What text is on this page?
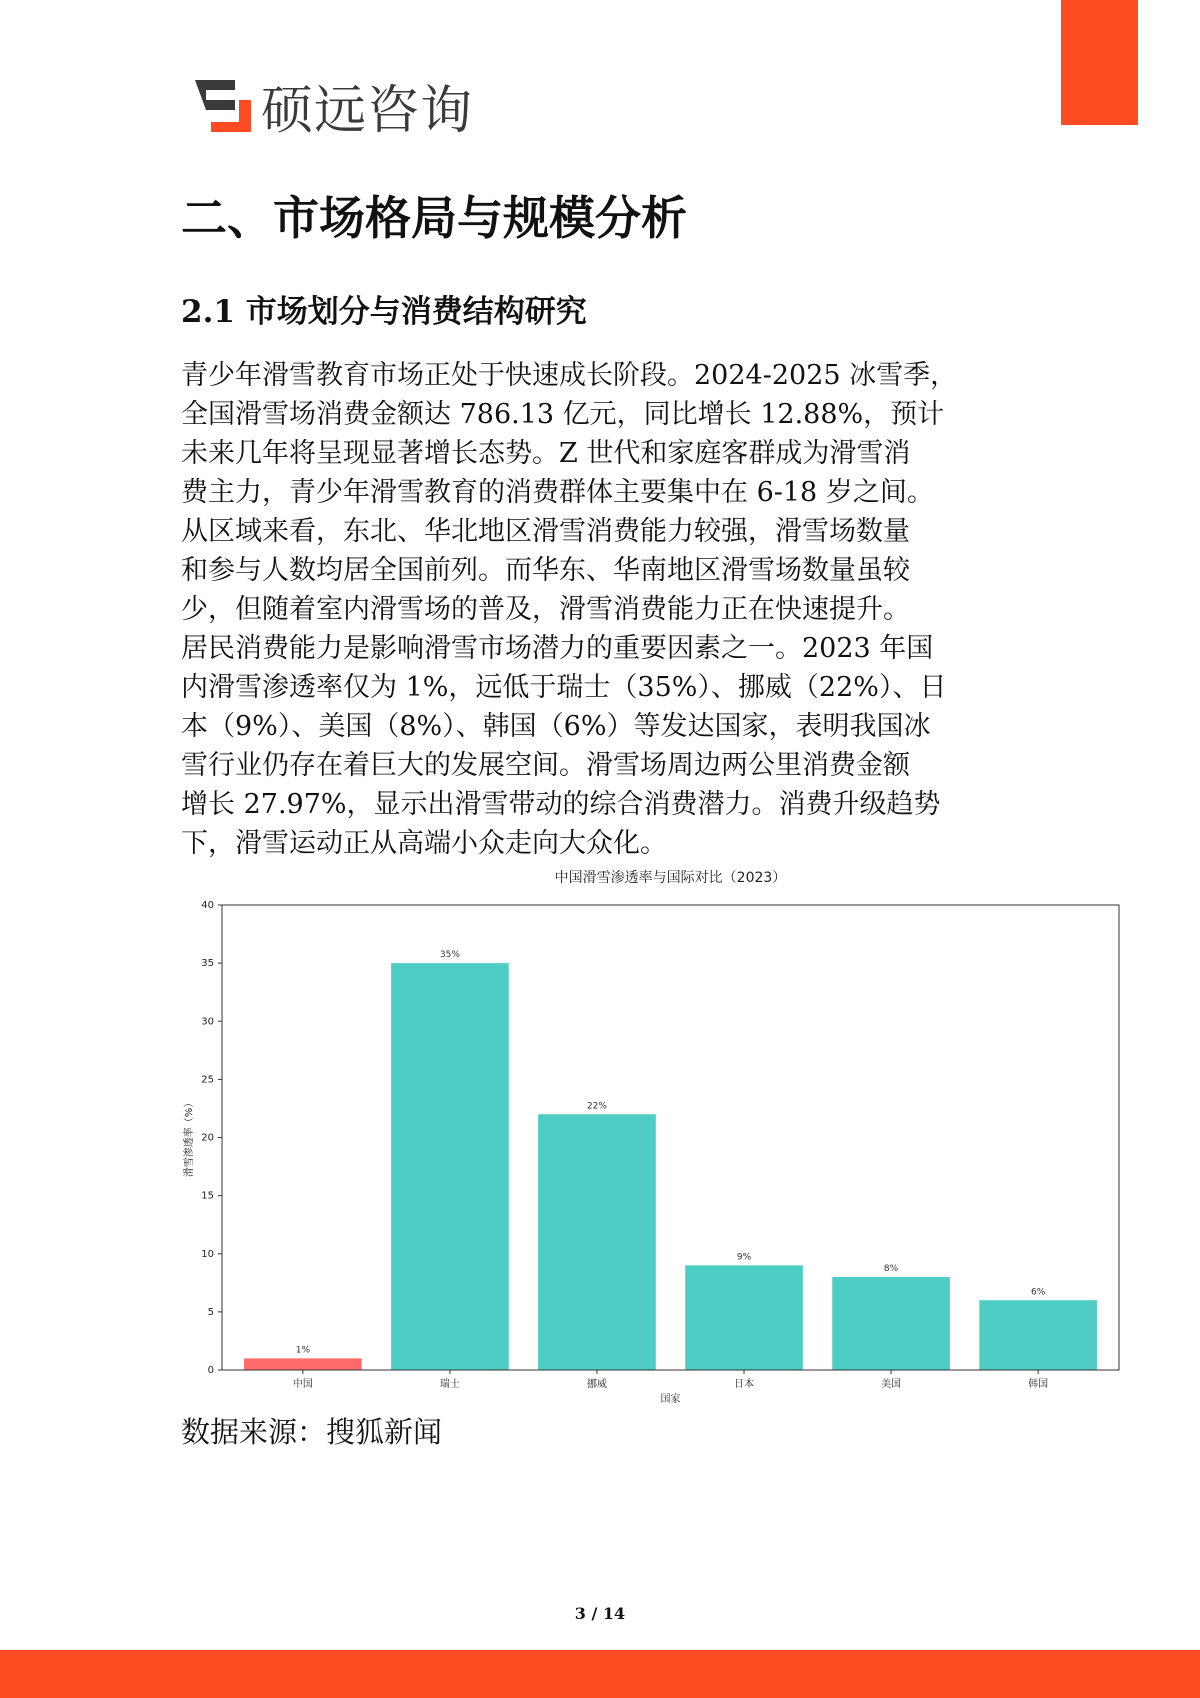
硕远咨询
二、市场格局与规模分析
2.1 市场划分与消费结构研究
青少年滑雪教育市场正处于快速成长阶段。2024-2025 冰雪季，
全国滑雪场消费金额达 786.13 亿元，同比增长 12.88%，预计
未来几年将呈现显著增长态势。Z 世代和家庭客群成为滑雪消
费主力，青少年滑雪教育的消费群体主要集中在 6-18 岁之间。
从区域来看，东北、华北地区滑雪消费能力较强，滑雪场数量
和参与人数均居全国前列。而华东、华南地区滑雪场数量虽较
少，但随着室内滑雪场的普及，滑雪消费能力正在快速提升。
居民消费能力是影响滑雪市场潜力的重要因素之一。2023 年国
内滑雪渗透率仅为 1%，远低于瑞士（35%）、挪威（22%）、日
本（9%）、美国（8%）、韩国（6%）等发达国家，表明我国冰
雪行业仍存在着巨大的发展空间。滑雪场周边两公里消费金额
增长 27.97%，显示出滑雪带动的综合消费潜力。消费升级趋势
下，滑雪运动正从高端小众走向大众化。
中国滑雪渗透率与国际对比（2023）
1%
中国
35%
瑞士
22%
挪威
9%
日本
8%
美国
6%
韩国
0
5
10
15
20
25
30
35
40
国家
滑雪渗透率（%）
数据来源：搜狐新闻
3 / 14
